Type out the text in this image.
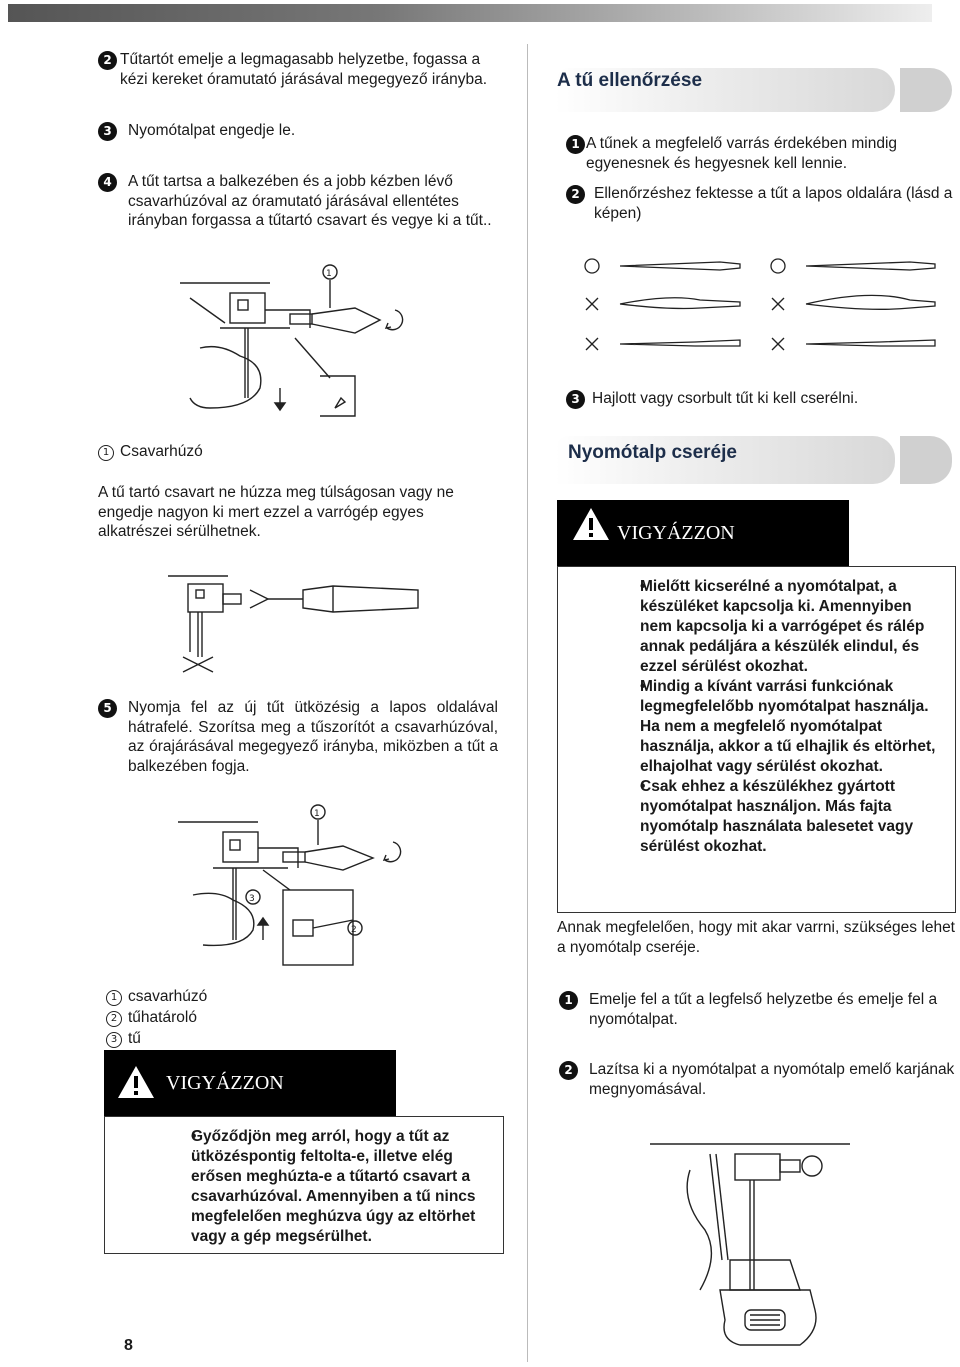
2 Tűtartót emelje a legmagasabb helyzetbe, fogassa a kézi kereket óramutató járásával megegyező irányba.
3	Nyomótalpat engedje le.
4	A tűt tartsa a balkezében és a jobb kézben lévő csavarhúzóval az óramutató járásával ellentétes irányban forgassa a tűtartó csavart és vegye ki a tűt..
1
1 Csavarhúzó
A tű tartó csavart ne húzza meg túlságosan vagy ne engedje nagyon ki mert ezzel a varrógép egyes alkatrészei sérülhetnek.
5	Nyomja fel az új tűt ütközésig a lapos oldalával hátrafelé. Szorítsa meg a tűszorítót a csavarhúzóval, az órajárásával megegyező irányba, miközben a tűt a balkezében fogja.
1
2
3
1 csavarhúzó
2 tűhatároló
3 tű
VIGYÁZZON
• Győződjön meg arról, hogy a tűt az ütközéspontig feltolta-e, illetve elég erősen meghúzta-e a tűtartó csavart a csavarhúzóval. Amennyiben a tű nincs megfelelően meghúzva úgy az eltörhet vagy a gép megsérülhet.
8
A tű ellenőrzése
1 A tűnek a megfelelő varrás érdekében mindig egyenesnek és hegyesnek kell lennie.
2 Ellenőrzéshez fektesse a tűt a lapos oldalára (lásd a képen)
3 Hajlott vagy csorbult tűt ki kell cserélni.
Nyomótalp cseréje
VIGYÁZZON
• Mielőtt kicserélné a nyomótalpat, a készüléket kapcsolja ki. Amennyiben nem kapcsolja ki a varrógépet és rálép annak pedáljára a készülék elindul, és ezzel sérülést okozhat.
• Mindig a kívánt varrási funkciónak legmegfelelőbb nyomótalpat használja. Ha nem a megfelelő nyomótalpat használja, akkor a tű elhajlik és eltörhet, elhajolhat vagy sérülést okozhat.
• Csak ehhez a készülékhez gyártott nyomótalpat használjon. Más fajta nyomótalp használata balesetet vagy sérülést okozhat.
Annak megfelelően, hogy mit akar varrni, szükséges lehet a nyomótalp cseréje.
1	Emelje fel a tűt a legfelső helyzetbe és emelje fel a nyomótalpat.
2	Lazítsa ki a nyomótalpat a nyomótalp emelő karjának megnyomásával.
